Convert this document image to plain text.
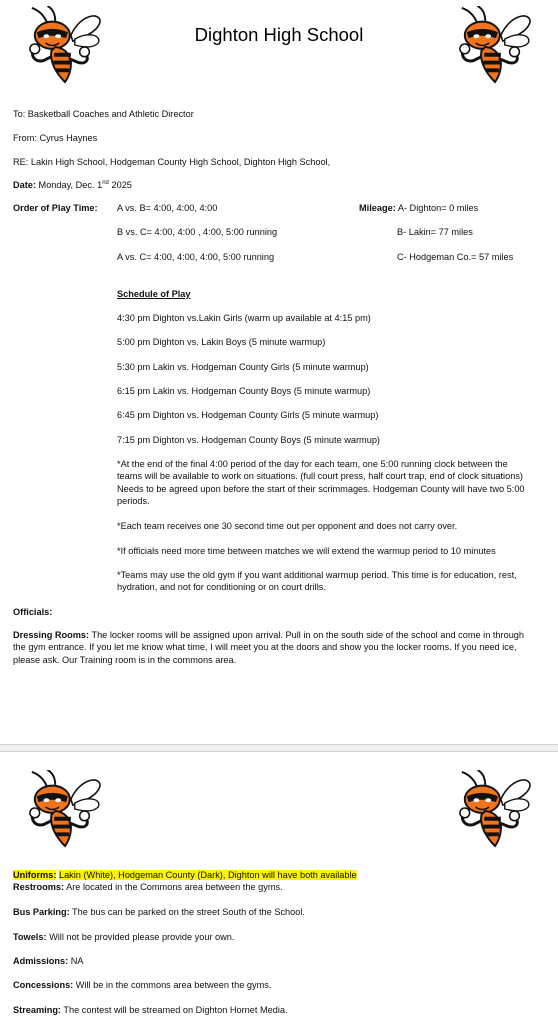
Dighton High School
To: Basketball Coaches and Athletic Director
From: Cyrus Haynes
RE: Lakin High School, Hodgeman County High School, Dighton High School,
Date: Monday, Dec. 1nd 2025
Order of Play Time: A vs. B= 4:00, 4:00, 4:00
B vs. C= 4:00, 4:00 , 4:00, 5:00 running
A vs. C= 4:00, 4:00, 4:00, 5:00 running
Mileage: A- Dighton= 0 miles
B- Lakin= 77 miles
C- Hodgeman Co.= 57 miles
Schedule of Play
4:30 pm Dighton vs.Lakin Girls (warm up available at 4:15 pm)
5:00 pm Dighton vs. Lakin Boys (5 minute warmup)
5:30 pm Lakin vs. Hodgeman County Girls (5 minute warmup)
6:15 pm Lakin vs. Hodgeman County Boys (5 minute warmup)
6:45 pm Dighton vs. Hodgeman County Girls (5 minute warmup)
7:15 pm Dighton vs. Hodgeman County Boys (5 minute warmup)
*At the end of the final 4:00 period of the day for each team, one 5:00 running clock between the teams will be available to work on situations. (full court press, half court trap, end of clock situations) Needs to be agreed upon before the start of their scrimmages. Hodgeman County will have two 5:00 periods.
*Each team receives one 30 second time out per opponent and does not carry over.
*If officials need more time between matches we will extend the warmup period to 10 minutes
*Teams may use the old gym if you want additional warmup period. This time is for education, rest, hydration, and not for conditioning or on court drills.
Officials:
Dressing Rooms: The locker rooms will be assigned upon arrival. Pull in on the south side of the school and come in through the gym entrance. If you let me know what time, I will meet you at the doors and show you the locker rooms. If you need ice, please ask. Our Training room is in the commons area.
Uniforms: Lakin (White), Hodgeman County (Dark), Dighton will have both available
Restrooms: Are located in the Commons area between the gyms.
Bus Parking: The bus can be parked on the street South of the School.
Towels: Will not be provided please provide your own.
Admissions: NA
Concessions: Will be in the commons area between the gyms.
Streaming: The contest will be streamed on Dighton Hornet Media.
